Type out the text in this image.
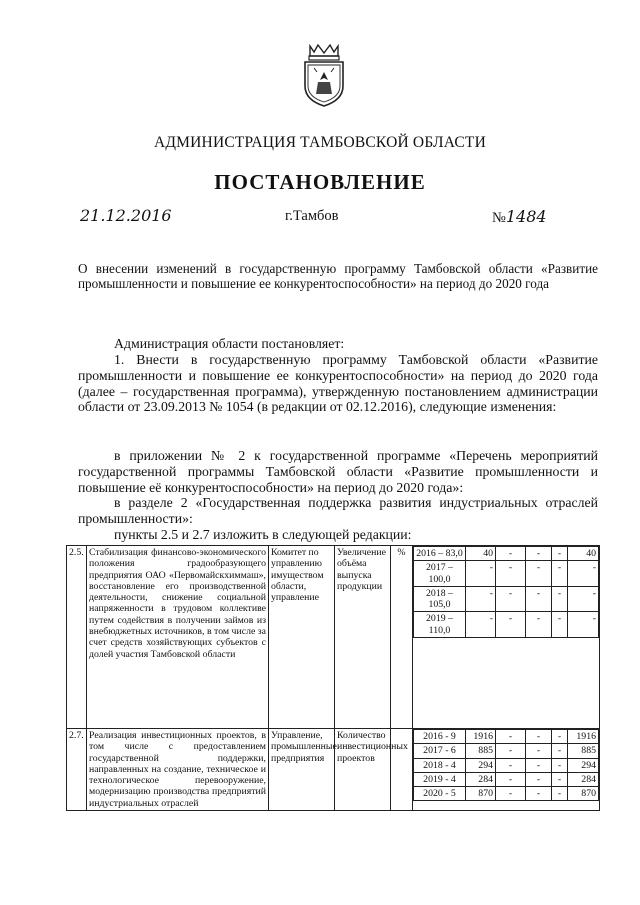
АДМИНИСТРАЦИЯ ТАМБОВСКОЙ ОБЛАСТИ
ПОСТАНОВЛЕНИЕ
21.12.2016	г.Тамбов	№1484
О внесении изменений в государственную программу Тамбовской области «Развитие промышленности и повышение ее конкурентоспособности» на период до 2020 года
Администрация области постановляет:
1. Внести в государственную программу Тамбовской области «Развитие промышленности и повышение ее конкурентоспособности» на период до 2020 года (далее – государственная программа), утвержденную постановлением администрации области от 23.09.2013 № 1054 (в редакции от 02.12.2016), следующие изменения:
в приложении № 2 к государственной программе «Перечень мероприятий государственной программы Тамбовской области «Развитие промышленности и повышение её конкурентоспособности» на период до 2020 года»:
в разделе 2 «Государственная поддержка развития индустриальных отраслей промышленности»:
пункты 2.5 и 2.7 изложить в следующей редакции:
2.5.	Стабилизация финансово-экономического положения градообразующего предприятия ОАО «Первомайскхиммаш», восстановление его производственной деятельности, снижение социальной напряженности в трудовом коллективе путем содействия в получении займов из внебюджетных источников, в том числе за счет средств хозяйствующих субъектов с долей участия Тамбовской области	Комитет по управлению имуществом области, управление	Увеличение объёма выпуска продукции	%	2016 – 83,0	40	-	-	-	40
2017 – 100,0	-	-	-	-	-
2018 – 105,0	-	-	-	-	-
2019 – 110,0	-	-	-	-	-

2.7.	Реализация инвестиционных проектов, в том числе с предоставлением государственной поддержки, направленных на создание, техническое и технологическое перевооружение, модернизацию производства предприятий индустриальных отраслей	Управление, промышленные предприятия	Количество инвестиционных проектов		
2016 - 9	1916	-	-	-	1916
2017 - 6	885	-	-	-	885
2018 - 4	294	-	-	-	294
2019 - 4	284	-	-	-	284
2020 - 5	870	-	-	-	870
